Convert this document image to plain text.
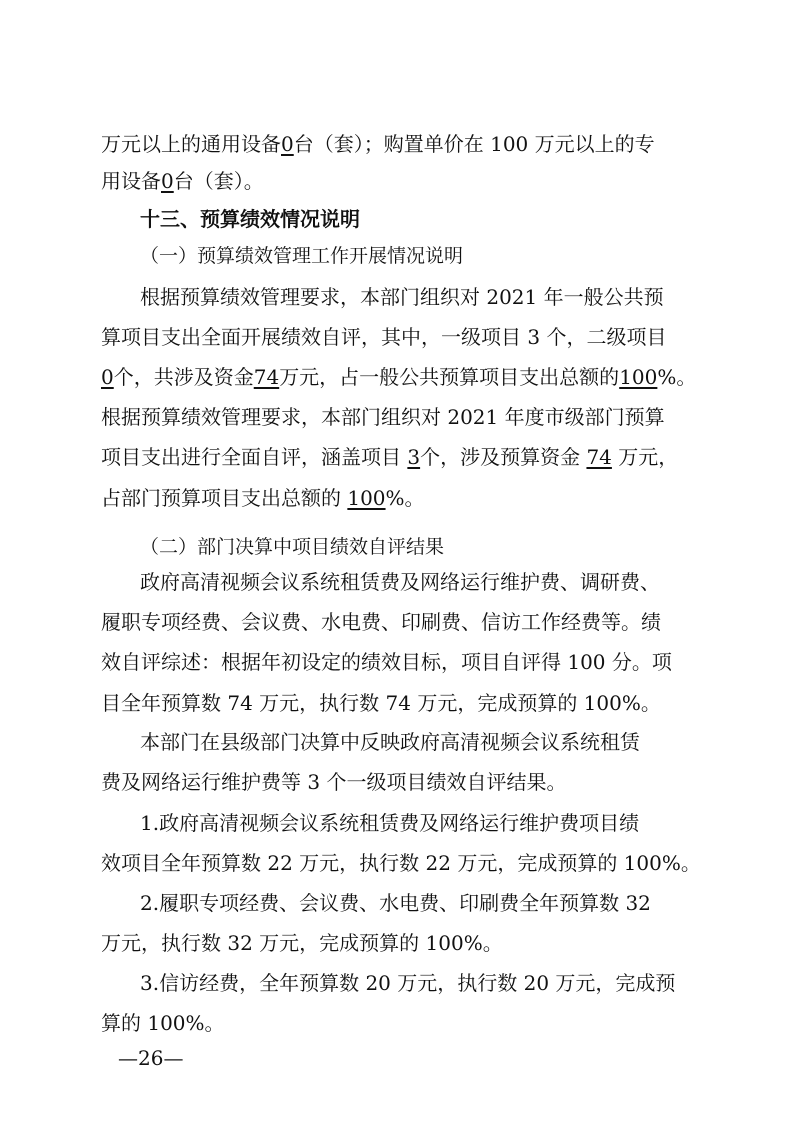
万元以上的通用设备0台（套）；购置单价在 100 万元以上的专
用设备0台（套）。
十三、预算绩效情况说明
（一）预算绩效管理工作开展情况说明
根据预算绩效管理要求，本部门组织对 2021 年一般公共预
算项目支出全面开展绩效自评，其中，一级项目 3 个，二级项目
0个，共涉及资金74万元，占一般公共预算项目支出总额的100%。
根据预算绩效管理要求，本部门组织对 2021 年度市级部门预算
项目支出进行全面自评，涵盖项目 3个，涉及预算资金 74 万元，
占部门预算项目支出总额的 100%。
（二）部门决算中项目绩效自评结果
政府高清视频会议系统租赁费及网络运行维护费、调研费、
履职专项经费、会议费、水电费、印刷费、信访工作经费等。绩
效自评综述：根据年初设定的绩效目标，项目自评得 100 分。项
目全年预算数 74 万元，执行数 74 万元，完成预算的 100%。
本部门在县级部门决算中反映政府高清视频会议系统租赁
费及网络运行维护费等 3 个一级项目绩效自评结果。
1.政府高清视频会议系统租赁费及网络运行维护费项目绩
效项目全年预算数 22 万元，执行数 22 万元，完成预算的 100%。
2.履职专项经费、会议费、水电费、印刷费全年预算数 32
万元，执行数 32 万元，完成预算的 100%。
3.信访经费，全年预算数 20 万元，执行数 20 万元，完成预
算的 100%。
—26—
